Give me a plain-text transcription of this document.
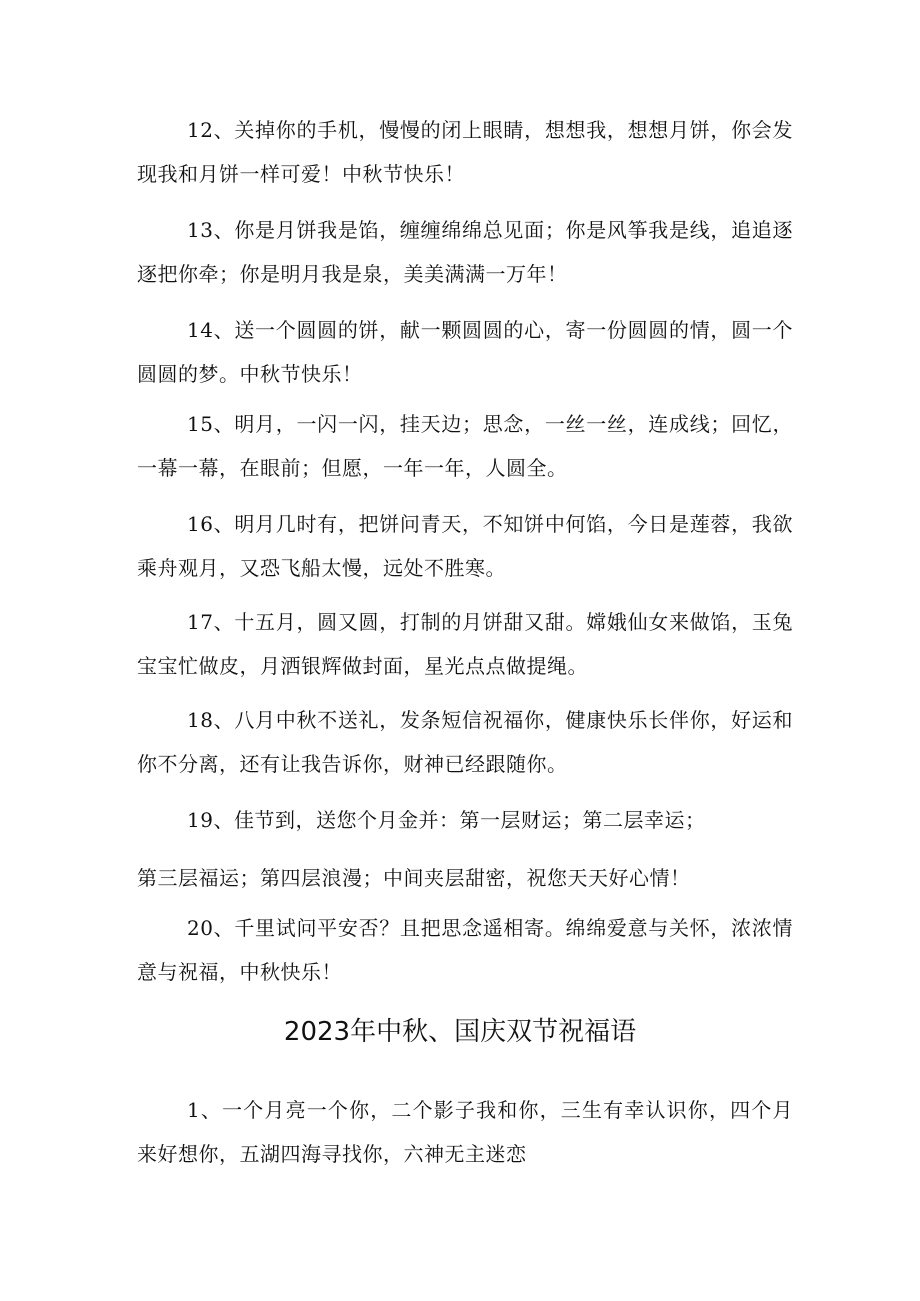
12、关掉你的手机，慢慢的闭上眼睛，想想我，想想月饼，你会发现我和月饼一样可爱！中秋节快乐！

13、你是月饼我是馅，缠缠绵绵总见面；你是风筝我是线，追追逐逐把你牵；你是明月我是泉，美美满满一万年！

14、送一个圆圆的饼，献一颗圆圆的心，寄一份圆圆的情，圆一个圆圆的梦。中秋节快乐！

15、明月，一闪一闪，挂天边；思念，一丝一丝，连成线；回忆，一幕一幕，在眼前；但愿，一年一年，人圆全。

16、明月几时有，把饼问青天，不知饼中何馅，今日是莲蓉，我欲乘舟观月，又恐飞船太慢，远处不胜寒。

17、十五月，圆又圆，打制的月饼甜又甜。嫦娥仙女来做馅，玉兔宝宝忙做皮，月洒银辉做封面，星光点点做提绳。

18、八月中秋不送礼，发条短信祝福你，健康快乐长伴你，好运和你不分离，还有让我告诉你，财神已经跟随你。

19、佳节到，送您个月金并：第一层财运；第二层幸运；

第三层福运；第四层浪漫；中间夹层甜密，祝您天天好心情！

20、千里试问平安否？且把思念遥相寄。绵绵爱意与关怀，浓浓情意与祝福，中秋快乐！

2023年中秋、国庆双节祝福语

1、一个月亮一个你，二个影子我和你，三生有幸认识你，四个月来好想你，五湖四海寻找你，六神无主迷恋
